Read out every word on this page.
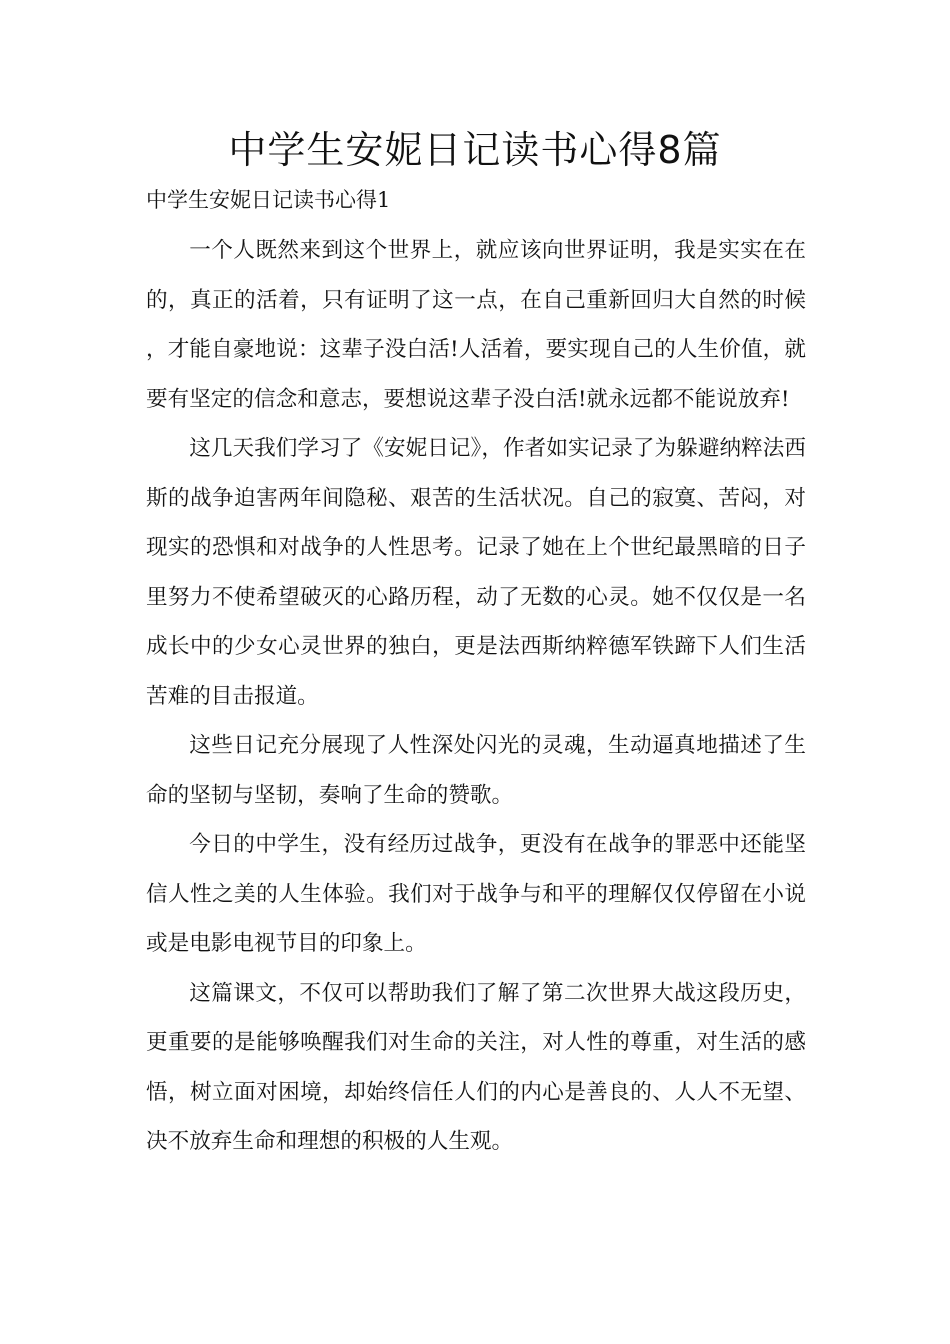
中学生安妮日记读书心得8篇
中学生安妮日记读书心得1

一个人既然来到这个世界上，就应该向世界证明，我是实实在在的，真正的活着，只有证明了这一点，在自己重新回归大自然的时候，才能自豪地说：这辈子没白活!人活着，要实现自己的人生价值，就要有坚定的信念和意志，要想说这辈子没白活!就永远都不能说放弃!

这几天我们学习了《安妮日记》，作者如实记录了为躲避纳粹法西斯的战争迫害两年间隐秘、艰苦的生活状况。自己的寂寞、苦闷，对现实的恐惧和对战争的人性思考。记录了她在上个世纪最黑暗的日子里努力不使希望破灭的心路历程，动了无数的心灵。她不仅仅是一名成长中的少女心灵世界的独白，更是法西斯纳粹德军铁蹄下人们生活苦难的目击报道。

这些日记充分展现了人性深处闪光的灵魂，生动逼真地描述了生命的坚韧与坚韧，奏响了生命的赞歌。

今日的中学生，没有经历过战争，更没有在战争的罪恶中还能坚信人性之美的人生体验。我们对于战争与和平的理解仅仅停留在小说或是电影电视节目的印象上。

这篇课文，不仅可以帮助我们了解了第二次世界大战这段历史，更重要的是能够唤醒我们对生命的关注，对人性的尊重，对生活的感悟，树立面对困境，却始终信任人们的内心是善良的、人人不无望、决不放弃生命和理想的积极的人生观。
